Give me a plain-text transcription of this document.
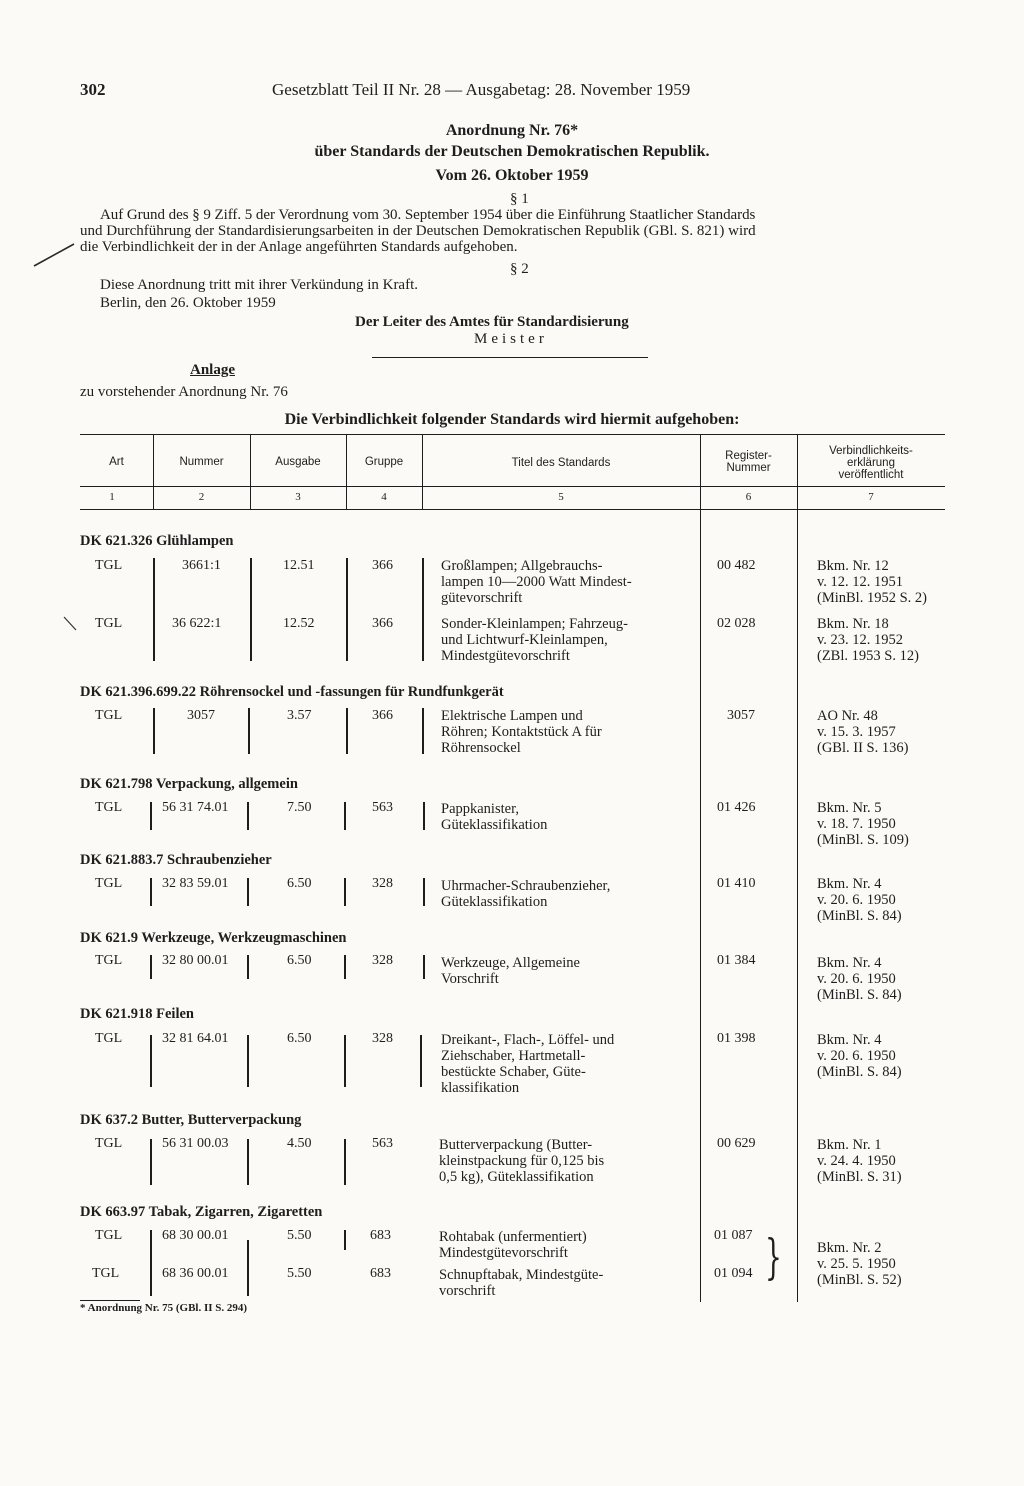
302	Gesetzblatt Teil II Nr. 28 — Ausgabetag: 28. November 1959
Anordnung Nr. 76*
über Standards der Deutschen Demokratischen Republik.
Vom 26. Oktober 1959
§ 1
Auf Grund des § 9 Ziff. 5 der Verordnung vom 30. September 1954 über die Einführung Staatlicher Standards
und Durchführung der Standardisierungsarbeiten in der Deutschen Demokratischen Republik (GBl. S. 821) wird
die Verbindlichkeit der in der Anlage angeführten Standards aufgehoben.
§ 2
Diese Anordnung tritt mit ihrer Verkündung in Kraft.
Berlin, den 26. Oktober 1959
Der Leiter des Amtes für Standardisierung
Meister
Anlage
zu vorstehender Anordnung Nr. 76
Die Verbindlichkeit folgender Standards wird hiermit aufgehoben:
Art	Nummer	Ausgabe	Gruppe	Titel des Standards
Register-
Nummer
Verbindlichkeits-
erklärung
veröffentlicht
1	2	3	4	5	6	7
DK 621.326 Glühlampen
TGL	3661:1	12.51	366	Großlampen; Allgebrauchs-
lampen 10—2000 Watt Mindest-
gütevorschrift
00 482	Bkm. Nr. 12
v. 12. 12. 1951
(MinBl. 1952 S. 2)
TGL	36 622:1	12.52	366	Sonder-Kleinlampen; Fahrzeug-
und Lichtwurf-Kleinlampen,
Mindestgütevorschrift
02 028	Bkm. Nr. 18
v. 23. 12. 1952
(ZBl. 1953 S. 12)
DK 621.396.699.22 Röhrensockel und -fassungen für Rundfunkgerät
TGL	3057	3.57	366	Elektrische Lampen und
Röhren; Kontaktstück A für
Röhrensockel
3057	AO Nr. 48
v. 15. 3. 1957
(GBl. II S. 136)
DK 621.798 Verpackung, allgemein
TGL	56 31 74.01	7.50	563	Pappkanister,
Güteklassifikation
01 426	Bkm. Nr. 5
v. 18. 7. 1950
(MinBl. S. 109)
DK 621.883.7 Schraubenzieher
TGL	32 83 59.01	6.50	328	Uhrmacher-Schraubenzieher,
Güteklassifikation
01 410	Bkm. Nr. 4
v. 20. 6. 1950
(MinBl. S. 84)
DK 621.9 Werkzeuge, Werkzeugmaschinen
TGL	32 80 00.01	6.50	328	Werkzeuge, Allgemeine
Vorschrift
01 384	Bkm. Nr. 4
v. 20. 6. 1950
(MinBl. S. 84)
DK 621.918 Feilen
TGL	32 81 64.01	6.50	328	Dreikant-, Flach-, Löffel- und
Ziehschaber, Hartmetall-
bestückte Schaber, Güte-
klassifikation
01 398	Bkm. Nr. 4
v. 20. 6. 1950
(MinBl. S. 84)
DK 637.2 Butter, Butterverpackung
TGL	56 31 00.03	4.50	563	Butterverpackung (Butter-
kleinstpackung für 0,125 bis
0,5 kg), Güteklassifikation
00 629	Bkm. Nr. 1
v. 24. 4. 1950
(MinBl. S. 31)
DK 663.97 Tabak, Zigarren, Zigaretten
TGL	68 30 00.01	5.50	683	Rohtabak (unfermentiert)
Mindestgütevorschrift
01 087
TGL	68 36 00.01	5.50	683	Schnupftabak, Mindestgüte-
vorschrift
01 094 } Bkm. Nr. 2
v. 25. 5. 1950
(MinBl. S. 52)
* Anordnung Nr. 75 (GBl. II S. 294)
